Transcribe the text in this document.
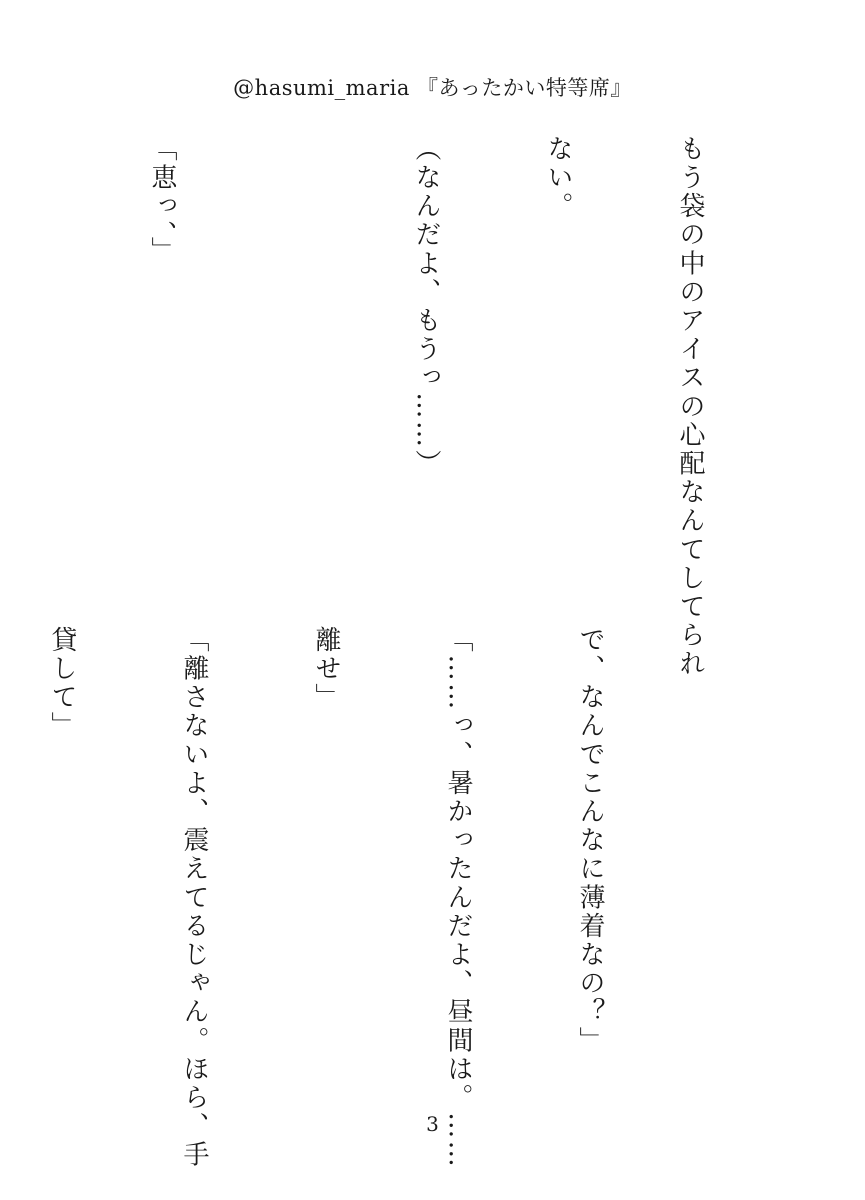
@hasumi_maria 『あったかい特等席』

もう袋の中のアイスの心配なんてしてられ

ない。

（なんだよ、もうっ……）

「恵っ、」

で、なんでこんなに薄着なの？」

「……っ、暑かったんだよ、昼間は。……

離せ」

「離さないよ、震えてるじゃん。ほら、手

貸して」

3
